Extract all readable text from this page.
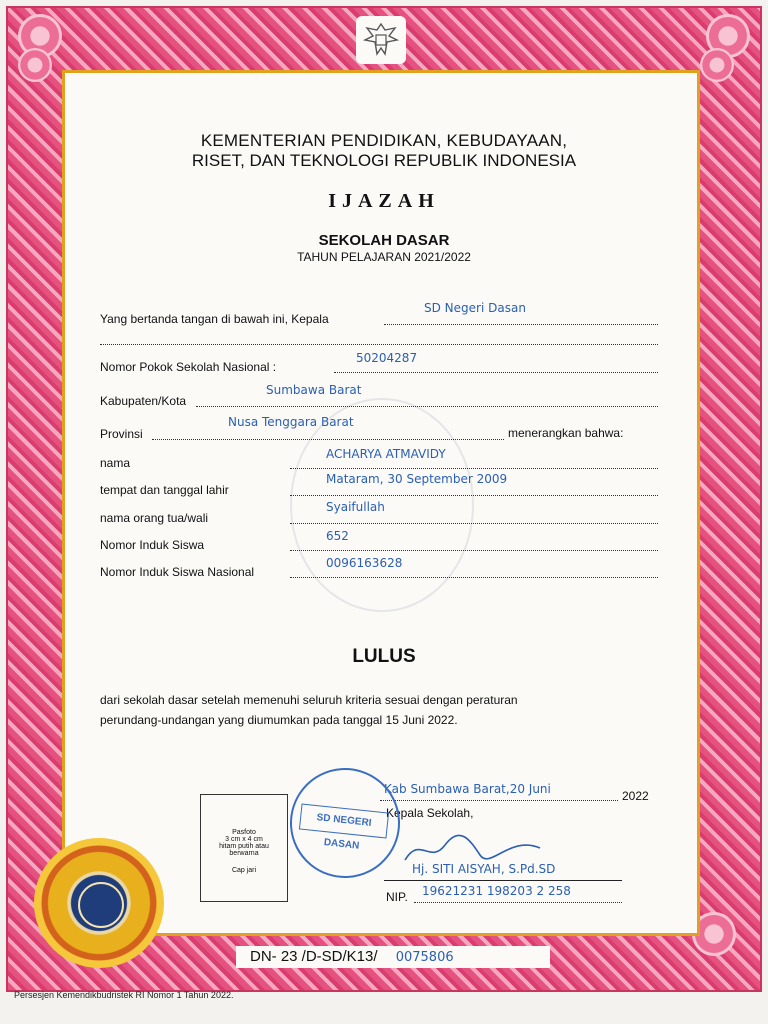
KEMENTERIAN PENDIDIKAN, KEBUDAYAAN,
RISET, DAN TEKNOLOGI REPUBLIK INDONESIA
IJAZAH
SEKOLAH DASAR
TAHUN PELAJARAN 2021/2022
Yang bertanda tangan di bawah ini, Kepala
SD Negeri Dasan
Nomor Pokok Sekolah Nasional :
50204287
Kabupaten/Kota
Sumbawa Barat
Provinsi
Nusa Tenggara Barat
menerangkan bahwa:
nama
ACHARYA ATMAVIDY
tempat dan tanggal lahir
Mataram, 30 September 2009
nama orang tua/wali
Syaifullah
Nomor Induk Siswa
652
Nomor Induk Siswa Nasional
0096163628
LULUS
dari sekolah dasar setelah memenuhi seluruh kriteria sesuai dengan peraturan
perundang-undangan yang diumumkan pada tanggal 15 Juni 2022.
Kab Sumbawa Barat,20 Juni	2022
Kepala Sekolah,
Hj. SITI AISYAH, S.Pd.SD
NIP. 19621231 198203 2 258
Pasfoto
3 cm x 4 cm
hitam putih atau
berwarna
Cap jari
SD NEGERI DASAN
DN- 23 /D-SD/K13/ 0075806
Persesjen Kemendikbudristek RI Nomor 1 Tahun 2022.
